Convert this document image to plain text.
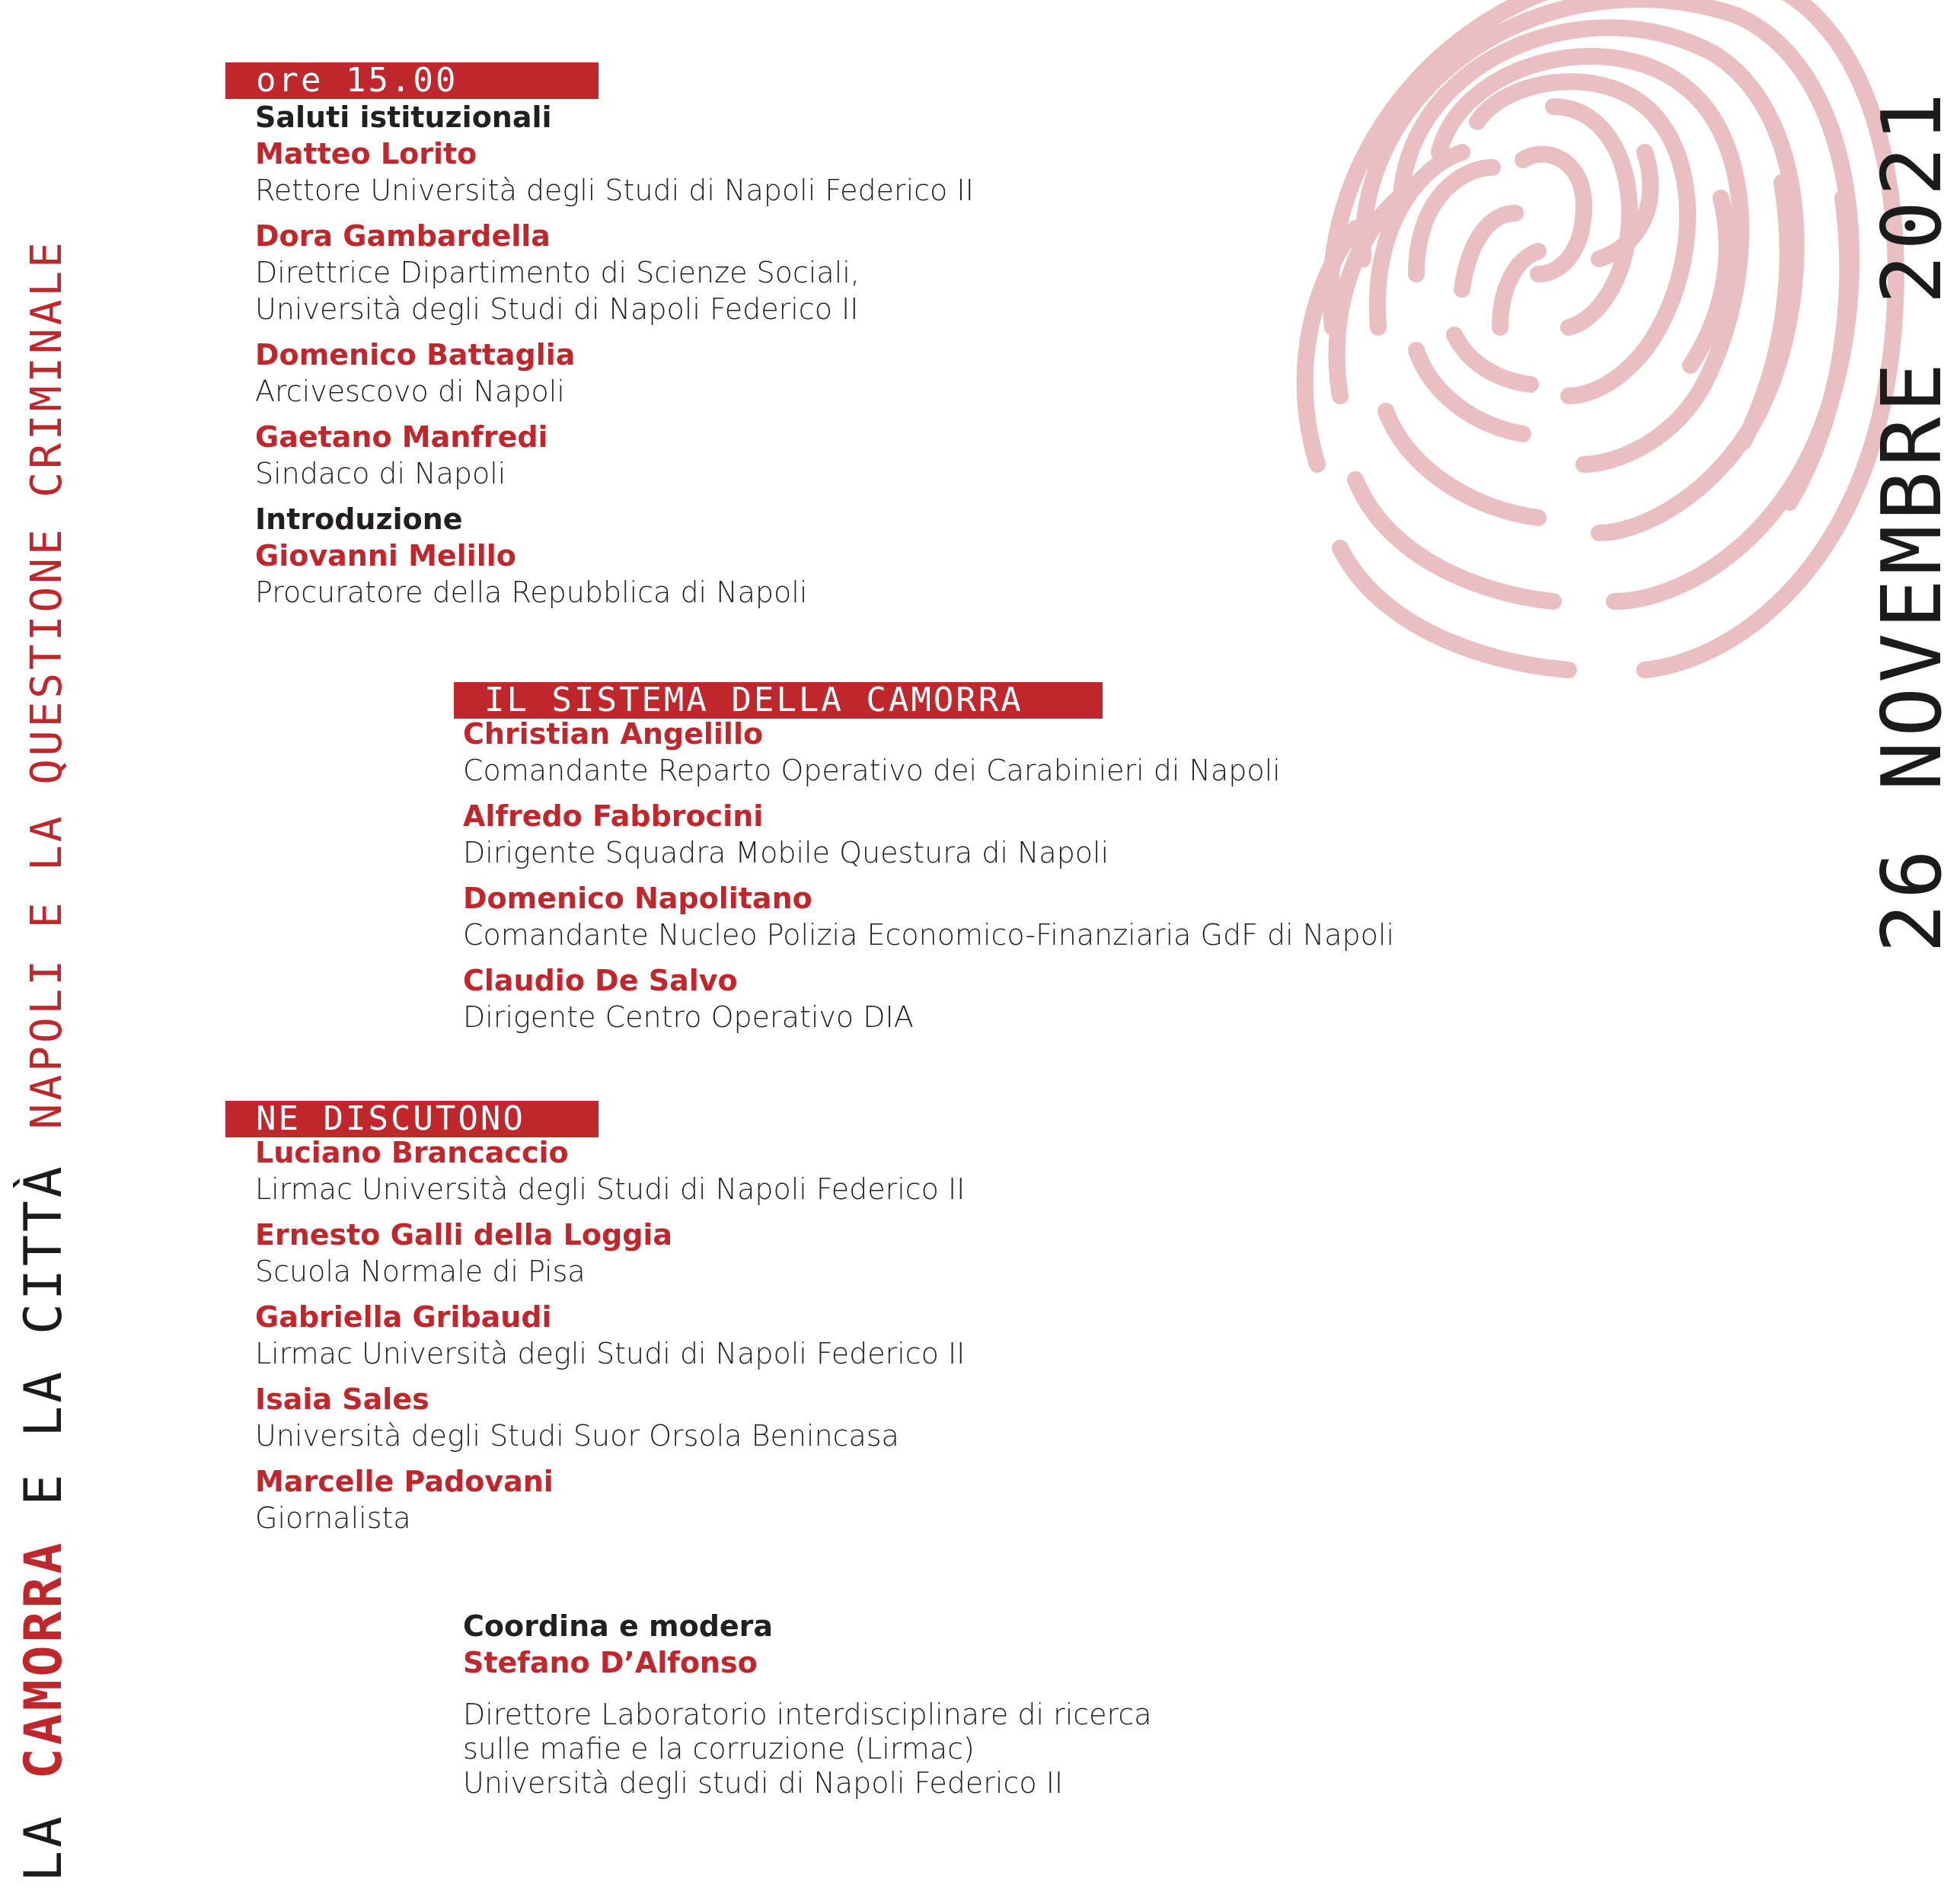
LA CAMORRA E LA CITTÀ NAPOLI E LA QUESTIONE CRIMINALE	26 NOVEMBRE 2021
ore 15.00
Saluti istituzionali
Matteo Lorito
Rettore Università degli Studi di Napoli Federico II
Dora Gambardella
Direttrice Dipartimento di Scienze Sociali,
Università degli Studi di Napoli Federico II
Domenico Battaglia
Arcivescovo di Napoli
Gaetano Manfredi
Sindaco di Napoli
Introduzione
Giovanni Melillo
Procuratore della Repubblica di Napoli
IL SISTEMA DELLA CAMORRA
Christian Angelillo
Comandante Reparto Operativo dei Carabinieri di Napoli
Alfredo Fabbrocini
Dirigente Squadra Mobile Questura di Napoli
Domenico Napolitano
Comandante Nucleo Polizia Economico-Finanziaria GdF di Napoli
Claudio De Salvo
Dirigente Centro Operativo DIA
NE DISCUTONO
Luciano Brancaccio
Lirmac Università degli Studi di Napoli Federico II
Ernesto Galli della Loggia
Scuola Normale di Pisa
Gabriella Gribaudi
Lirmac Università degli Studi di Napoli Federico II
Isaia Sales
Università degli Studi Suor Orsola Benincasa
Marcelle Padovani
Giornalista
Coordina e modera
Stefano D’Alfonso
Direttore Laboratorio interdisciplinare di ricerca
sulle mafie e la corruzione (Lirmac)
Università degli studi di Napoli Federico II
